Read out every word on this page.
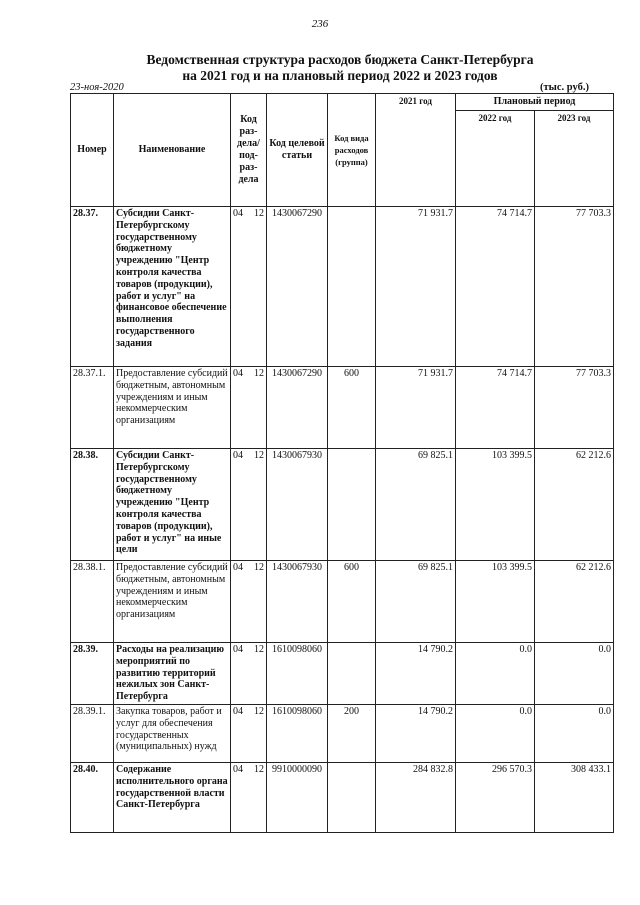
236
Ведомственная структура расходов бюджета Санкт-Петербурга
на 2021 год и на плановый период 2022 и 2023 годов
23-ноя-2020	(тыс. руб.)
Номер	Наименование	Код раз-дела/ под-раз-дела	Код целевой статьи	Код вида расходов (группа)	2021 год	Плановый период	
						2022 год	2023 год
28.37.	Субсидии Санкт-Петербургскому государственному бюджетному учреждению "Центр контроля качества товаров (продукции), работ и услуг" на финансовое обеспечение выполнения государственного задания	04 12	1430067290		71 931.7	74 714.7	77 703.3
28.37.1.	Предоставление субсидий бюджетным, автономным учреждениям и иным некоммерческим организациям	04 12	1430067290	600	71 931.7	74 714.7	77 703.3
28.38.	Субсидии Санкт-Петербургскому государственному бюджетному учреждению "Центр контроля качества товаров (продукции), работ и услуг" на иные цели	04 12	1430067930		69 825.1	103 399.5	62 212.6
28.38.1.	Предоставление субсидий бюджетным, автономным учреждениям и иным некоммерческим организациям	04 12	1430067930	600	69 825.1	103 399.5	62 212.6
28.39.	Расходы на реализацию мероприятий по развитию территорий нежилых зон Санкт-Петербурга	04 12	1610098060		14 790.2	0.0	0.0
28.39.1.	Закупка товаров, работ и услуг для обеспечения государственных (муниципальных) нужд	04 12	1610098060	200	14 790.2	0.0	0.0
28.40.	Содержание исполнительного органа государственной власти Санкт-Петербурга	04 12	9910000090		284 832.8	296 570.3	308 433.1
